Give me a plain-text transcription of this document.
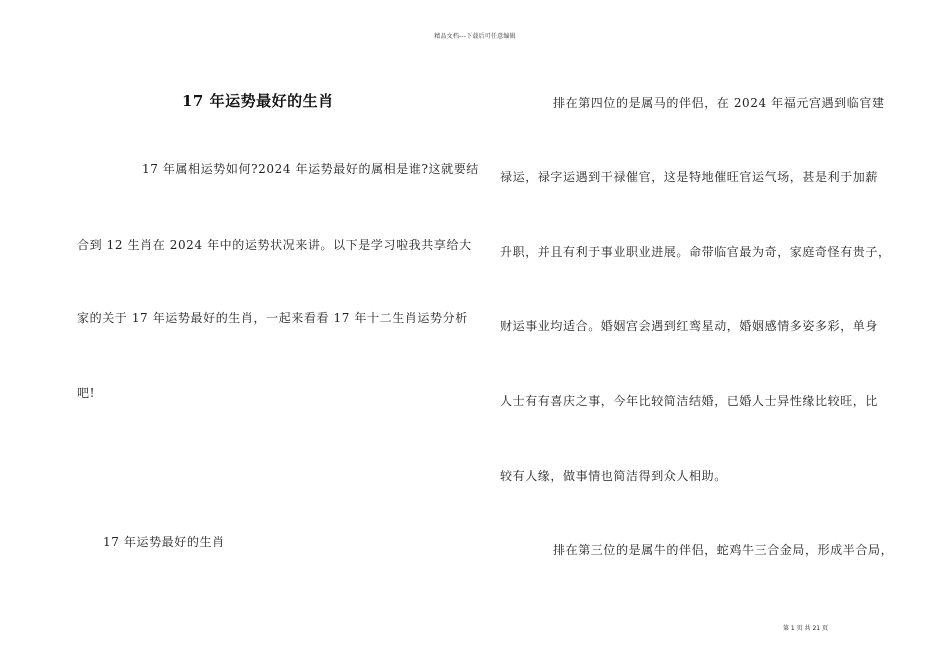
精品文档---下载后可任意编辑
17 年运势最好的生肖
17 年属相运势如何?2024 年运势最好的属相是谁?这就要结
合到 12 生肖在 2024 年中的运势状况来讲。以下是学习啦我共享给大
家的关于 17 年运势最好的生肖，一起来看看 17 年十二生肖运势分析
吧!
17 年运势最好的生肖
排在第四位的是属马的伴侣，在 2024 年福元宫遇到临官建
禄运，禄字运遇到干禄催官，这是特地催旺官运气场，甚是利于加薪
升职，并且有利于事业职业进展。命带临官最为奇，家庭奇怪有贵子，
财运事业均适合。婚姻宫会遇到红鸾星动，婚姻感情多姿多彩，单身
人士有有喜庆之事，今年比较简洁结婚，已婚人士异性缘比较旺，比
较有人缘，做事情也简洁得到众人相助。
排在第三位的是属牛的伴侣，蛇鸡牛三合金局，形成半合局，
第 1 页 共 21 页
